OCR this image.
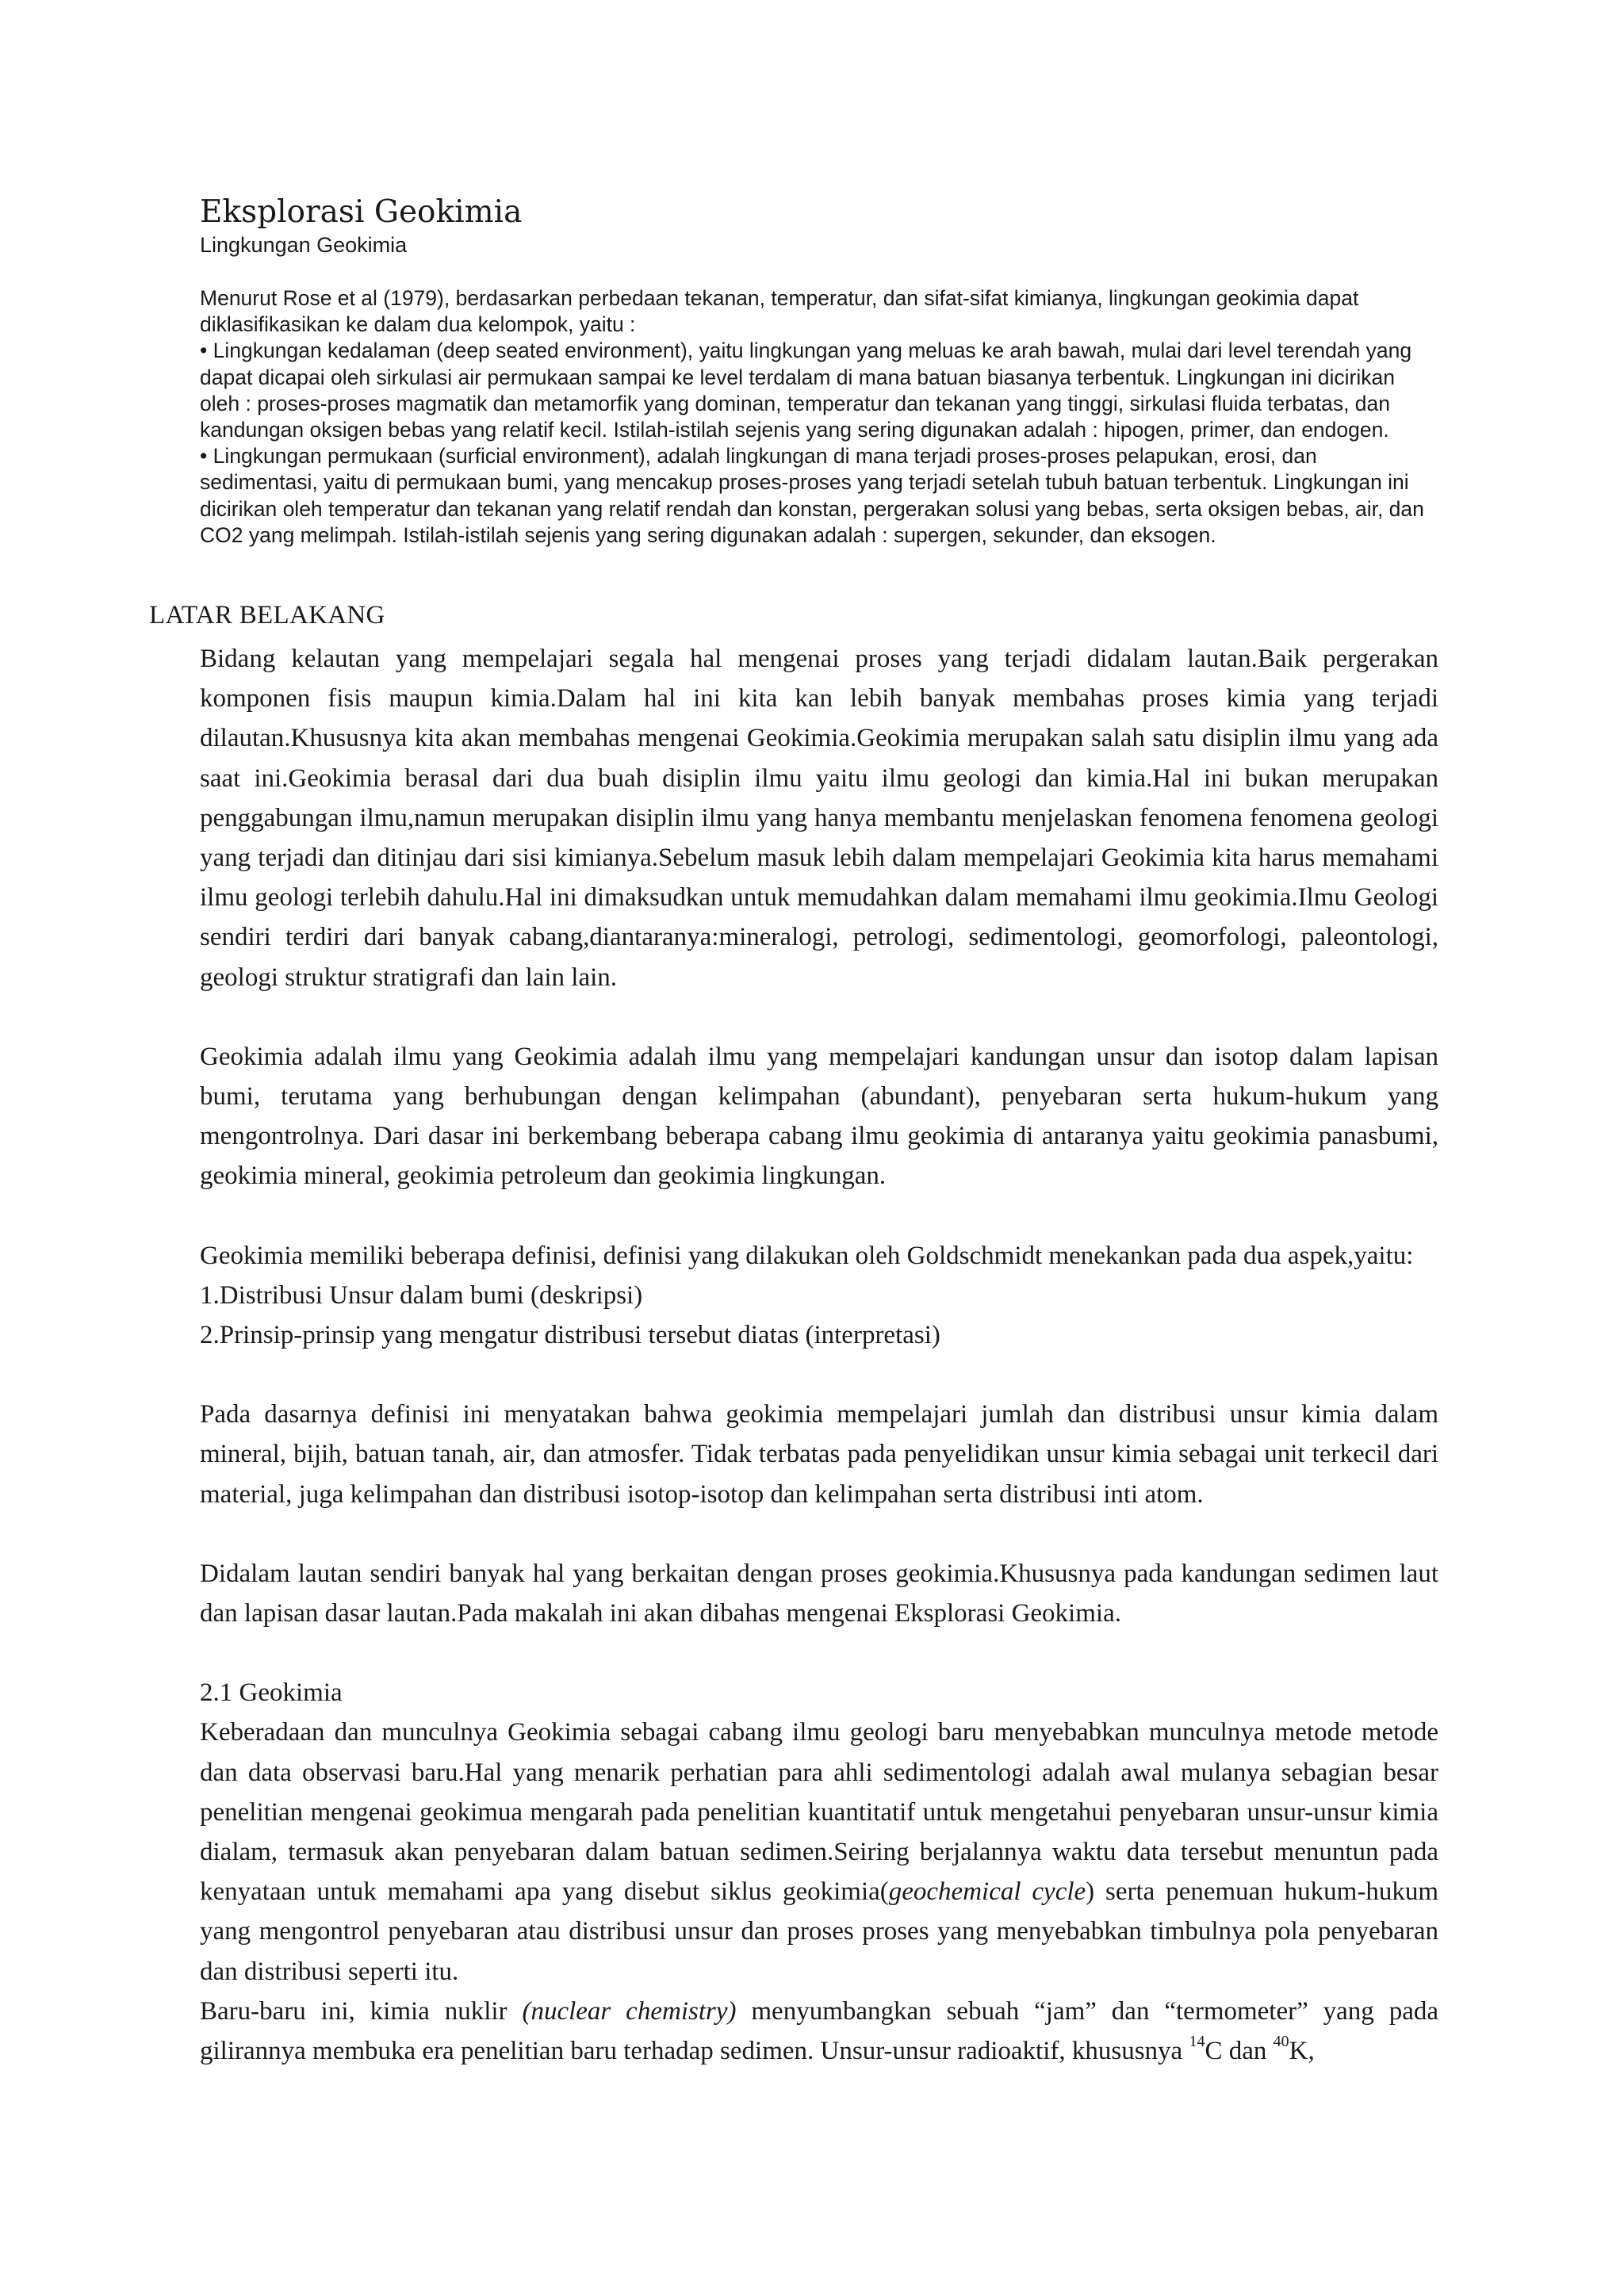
Eksplorasi Geokimia

Lingkungan Geokimia

Menurut Rose et al (1979), berdasarkan perbedaan tekanan, temperatur, dan sifat-sifat kimianya, lingkungan geokimia dapat diklasifikasikan ke dalam dua kelompok, yaitu :

• Lingkungan kedalaman (deep seated environment), yaitu lingkungan yang meluas ke arah bawah, mulai dari level terendah yang dapat dicapai oleh sirkulasi air permukaan sampai ke level terdalam di mana batuan biasanya terbentuk. Lingkungan ini dicirikan oleh : proses-proses magmatik dan metamorfik yang dominan, temperatur dan tekanan yang tinggi, sirkulasi fluida terbatas, dan kandungan oksigen bebas yang relatif kecil. Istilah-istilah sejenis yang sering digunakan adalah : hipogen, primer, dan endogen.

• Lingkungan permukaan (surficial environment), adalah lingkungan di mana terjadi proses-proses pelapukan, erosi, dan sedimentasi, yaitu di permukaan bumi, yang mencakup proses-proses yang terjadi setelah tubuh batuan terbentuk. Lingkungan ini dicirikan oleh temperatur dan tekanan yang relatif rendah dan konstan, pergerakan solusi yang bebas, serta oksigen bebas, air, dan CO2 yang melimpah. Istilah-istilah sejenis yang sering digunakan adalah : supergen, sekunder, dan eksogen.

LATAR BELAKANG

Bidang kelautan yang mempelajari segala hal mengenai proses yang terjadi didalam lautan.Baik pergerakan komponen fisis maupun kimia.Dalam hal ini kita kan lebih banyak membahas proses kimia yang terjadi dilautan.Khususnya kita akan membahas mengenai Geokimia.Geokimia merupakan salah satu disiplin ilmu yang ada saat ini.Geokimia berasal dari dua buah disiplin ilmu yaitu ilmu geologi dan kimia.Hal ini bukan merupakan penggabungan ilmu,namun merupakan disiplin ilmu yang hanya membantu menjelaskan fenomena fenomena geologi yang terjadi dan ditinjau dari sisi kimianya.Sebelum masuk lebih dalam mempelajari Geokimia kita harus memahami ilmu geologi terlebih dahulu.Hal ini dimaksudkan untuk memudahkan dalam memahami ilmu geokimia.Ilmu Geologi sendiri terdiri dari banyak cabang,diantaranya:mineralogi, petrologi, sedimentologi, geomorfologi, paleontologi, geologi struktur stratigrafi dan lain lain.

Geokimia adalah ilmu yang Geokimia adalah ilmu yang mempelajari kandungan unsur dan isotop dalam lapisan bumi, terutama yang berhubungan dengan kelimpahan (abundant), penyebaran serta hukum-hukum yang mengontrolnya. Dari dasar ini berkembang beberapa cabang ilmu geokimia di antaranya yaitu geokimia panasbumi, geokimia mineral, geokimia petroleum dan geokimia lingkungan.

Geokimia memiliki beberapa definisi, definisi yang dilakukan oleh Goldschmidt menekankan pada dua aspek,yaitu:

1.Distribusi Unsur dalam bumi (deskripsi)

2.Prinsip-prinsip yang mengatur distribusi tersebut diatas (interpretasi)

Pada dasarnya definisi ini menyatakan bahwa geokimia mempelajari jumlah dan distribusi unsur kimia dalam mineral, bijih, batuan tanah, air, dan atmosfer. Tidak terbatas pada penyelidikan unsur kimia sebagai unit terkecil dari material, juga kelimpahan dan distribusi isotop-isotop dan kelimpahan serta distribusi inti atom.

Didalam lautan sendiri banyak hal yang berkaitan dengan proses geokimia.Khususnya pada kandungan sedimen laut dan lapisan dasar lautan.Pada makalah ini akan dibahas mengenai Eksplorasi Geokimia.

2.1 Geokimia

Keberadaan dan munculnya Geokimia sebagai cabang ilmu geologi baru menyebabkan munculnya metode metode dan data observasi baru.Hal yang menarik perhatian para ahli sedimentologi adalah awal mulanya sebagian besar penelitian mengenai geokimua mengarah pada penelitian kuantitatif untuk mengetahui penyebaran unsur-unsur kimia dialam, termasuk akan penyebaran dalam batuan sedimen.Seiring berjalannya waktu data tersebut menuntun pada kenyataan untuk memahami apa yang disebut siklus geokimia(geochemical cycle) serta penemuan hukum-hukum yang mengontrol penyebaran atau distribusi unsur dan proses proses yang menyebabkan timbulnya pola penyebaran dan distribusi seperti itu.

Baru-baru ini, kimia nuklir (nuclear chemistry) menyumbangkan sebuah “jam” dan “termometer” yang pada gilirannya membuka era penelitian baru terhadap sedimen. Unsur-unsur radioaktif, khususnya $^{14}$C dan $^{40}$K,
